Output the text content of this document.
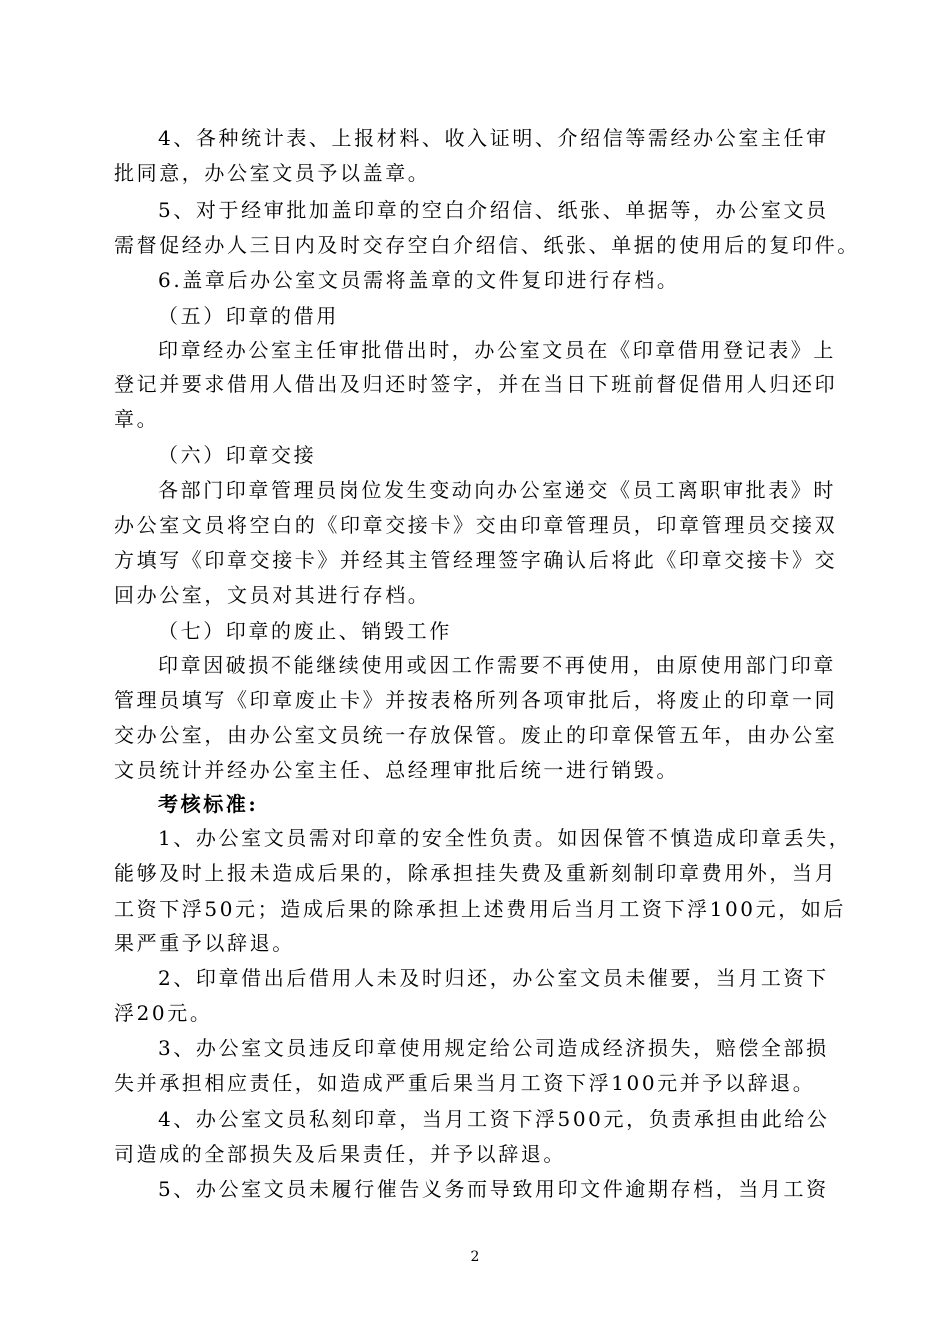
4、各种统计表、上报材料、收入证明、介绍信等需经办公室主任审
批同意，办公室文员予以盖章。
5、对于经审批加盖印章的空白介绍信、纸张、单据等，办公室文员
需督促经办人三日内及时交存空白介绍信、纸张、单据的使用后的复印件。
6.盖章后办公室文员需将盖章的文件复印进行存档。
（五）印章的借用
印章经办公室主任审批借出时，办公室文员在《印章借用登记表》上
登记并要求借用人借出及归还时签字，并在当日下班前督促借用人归还印
章。
（六）印章交接
各部门印章管理员岗位发生变动向办公室递交《员工离职审批表》时
办公室文员将空白的《印章交接卡》交由印章管理员，印章管理员交接双
方填写《印章交接卡》并经其主管经理签字确认后将此《印章交接卡》交
回办公室，文员对其进行存档。
（七）印章的废止、销毁工作
印章因破损不能继续使用或因工作需要不再使用，由原使用部门印章
管理员填写《印章废止卡》并按表格所列各项审批后，将废止的印章一同
交办公室，由办公室文员统一存放保管。废止的印章保管五年，由办公室
文员统计并经办公室主任、总经理审批后统一进行销毁。
考核标准:
1、办公室文员需对印章的安全性负责。如因保管不慎造成印章丢失，
能够及时上报未造成后果的，除承担挂失费及重新刻制印章费用外，当月
工资下浮50元；造成后果的除承担上述费用后当月工资下浮100元，如后
果严重予以辞退。
2、印章借出后借用人未及时归还，办公室文员未催要，当月工资下
浮20元。
3、办公室文员违反印章使用规定给公司造成经济损失，赔偿全部损
失并承担相应责任，如造成严重后果当月工资下浮100元并予以辞退。
4、办公室文员私刻印章，当月工资下浮500元，负责承担由此给公
司造成的全部损失及后果责任，并予以辞退。
5、办公室文员未履行催告义务而导致用印文件逾期存档，当月工资
2
